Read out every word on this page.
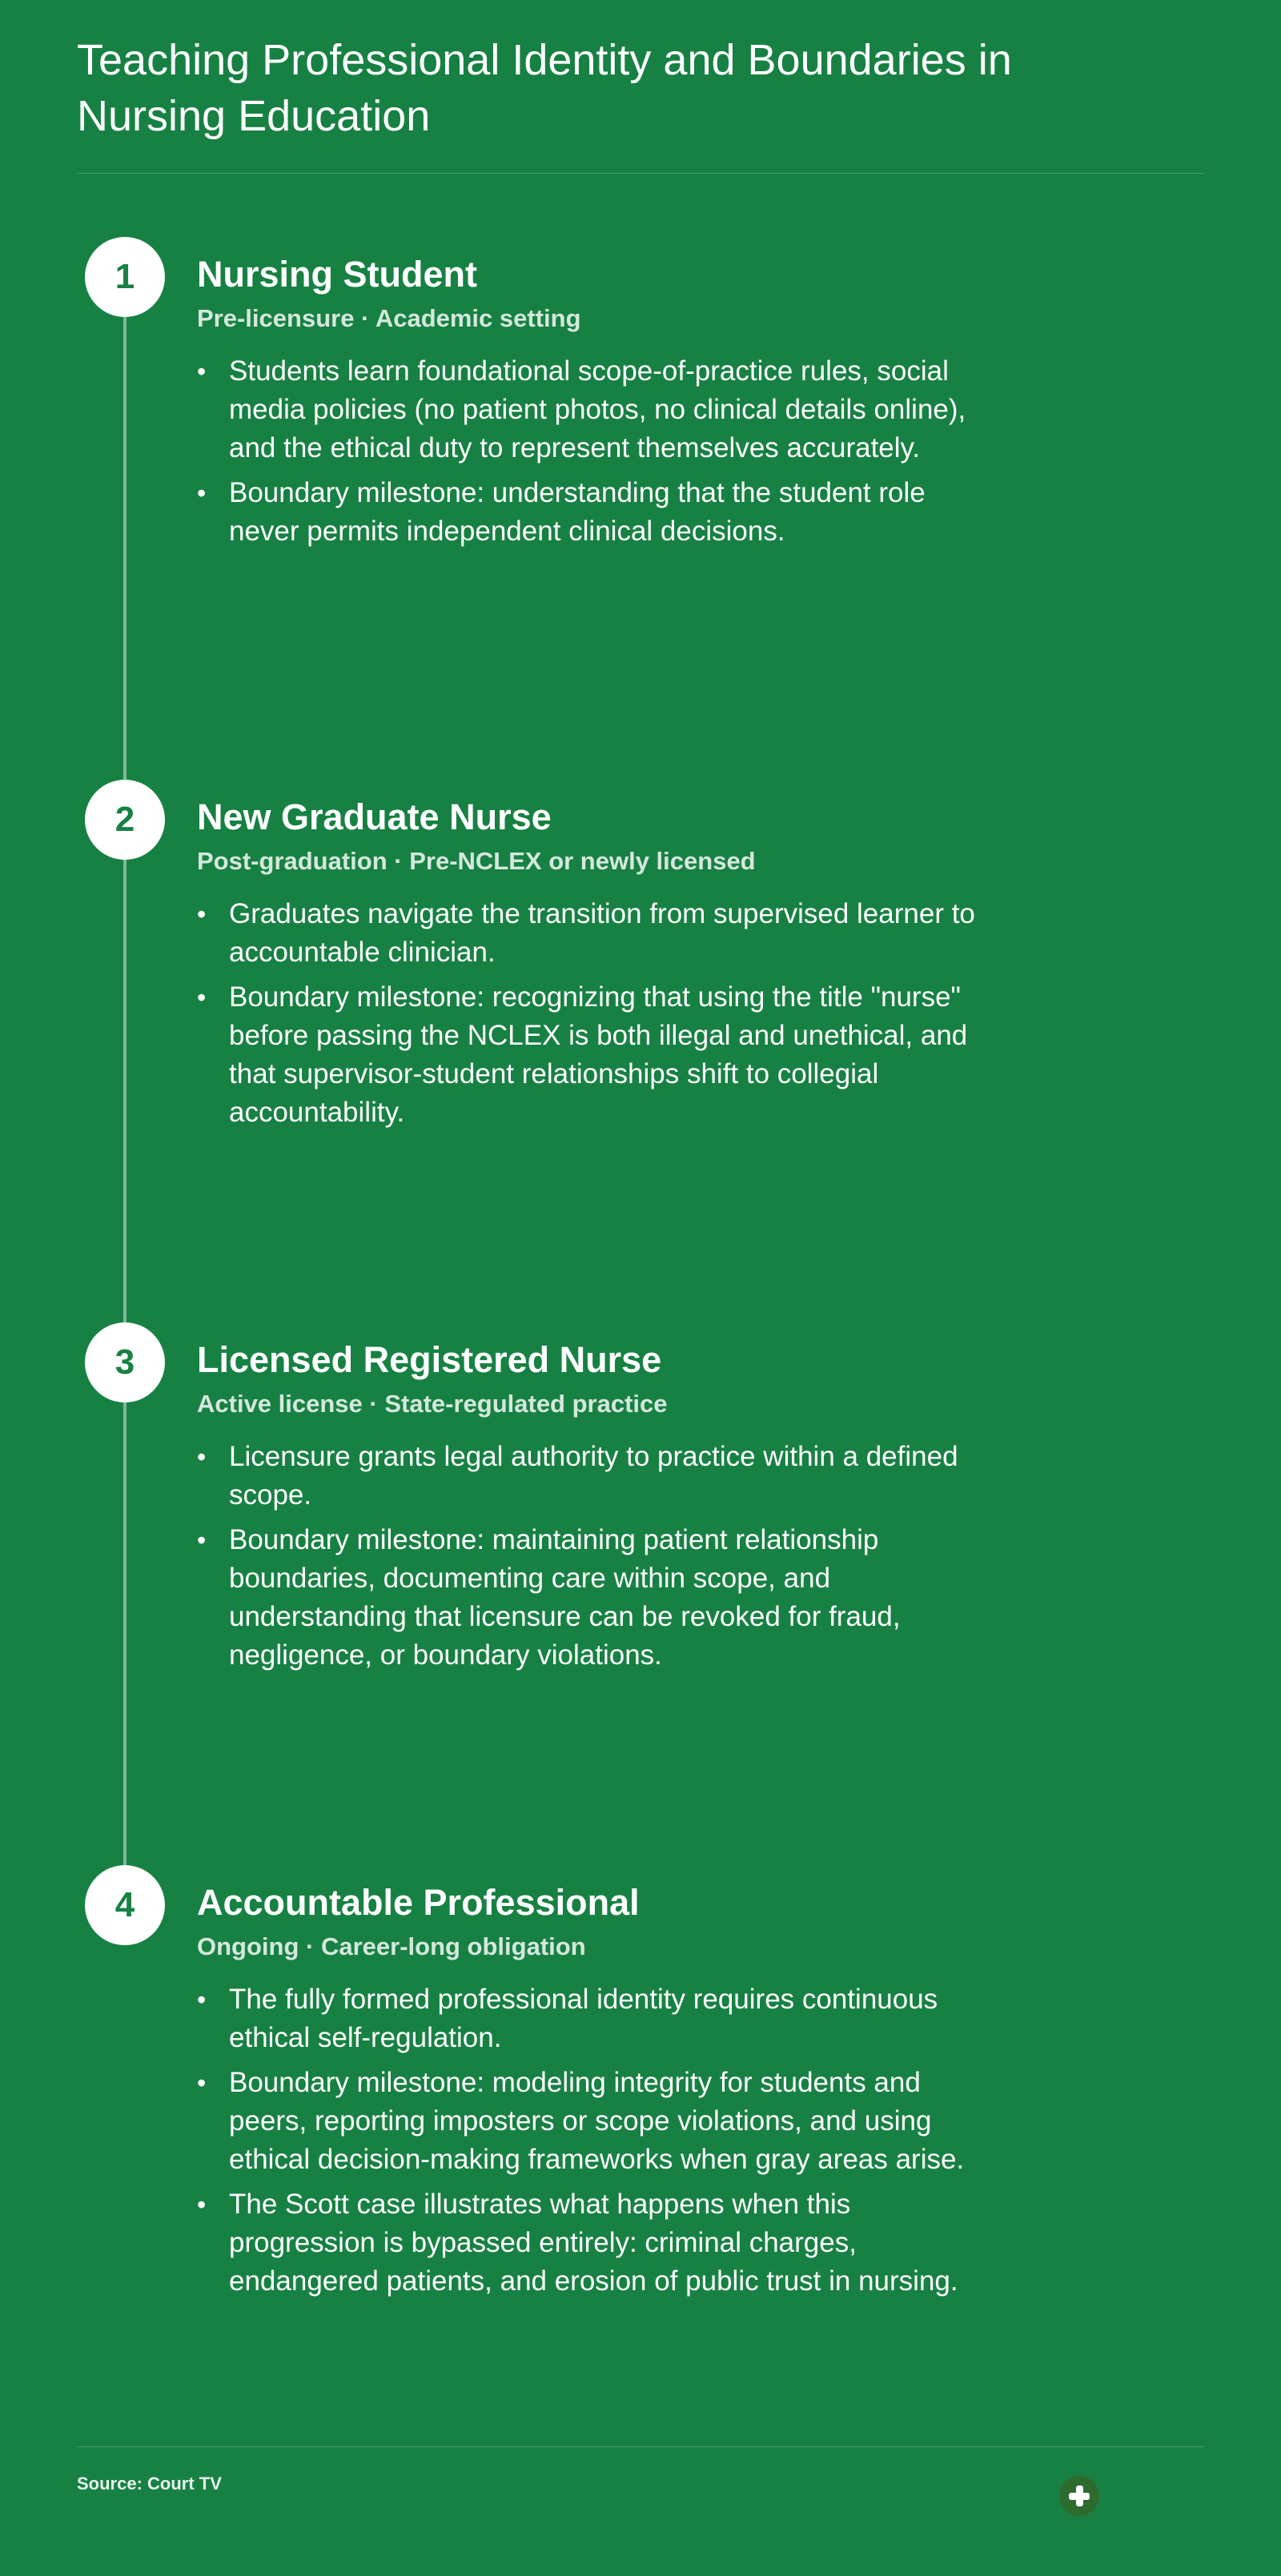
Teaching Professional Identity and Boundaries in Nursing Education
1	Nursing Student
Pre-licensure · Academic setting
• Students learn foundational scope-of-practice rules, social media policies (no patient photos, no clinical details online), and the ethical duty to represent themselves accurately.
• Boundary milestone: understanding that the student role never permits independent clinical decisions.
2	New Graduate Nurse
Post-graduation · Pre-NCLEX or newly licensed
• Graduates navigate the transition from supervised learner to accountable clinician.
• Boundary milestone: recognizing that using the title "nurse" before passing the NCLEX is both illegal and unethical, and that supervisor-student relationships shift to collegial accountability.
3	Licensed Registered Nurse
Active license · State-regulated practice
• Licensure grants legal authority to practice within a defined scope.
• Boundary milestone: maintaining patient relationship boundaries, documenting care within scope, and understanding that licensure can be revoked for fraud, negligence, or boundary violations.
4	Accountable Professional
Ongoing · Career-long obligation
• The fully formed professional identity requires continuous ethical self-regulation.
• Boundary milestone: modeling integrity for students and peers, reporting imposters or scope violations, and using ethical decision-making frameworks when gray areas arise.
• The Scott case illustrates what happens when this progression is bypassed entirely: criminal charges, endangered patients, and erosion of public trust in nursing.
Source: Court TV
